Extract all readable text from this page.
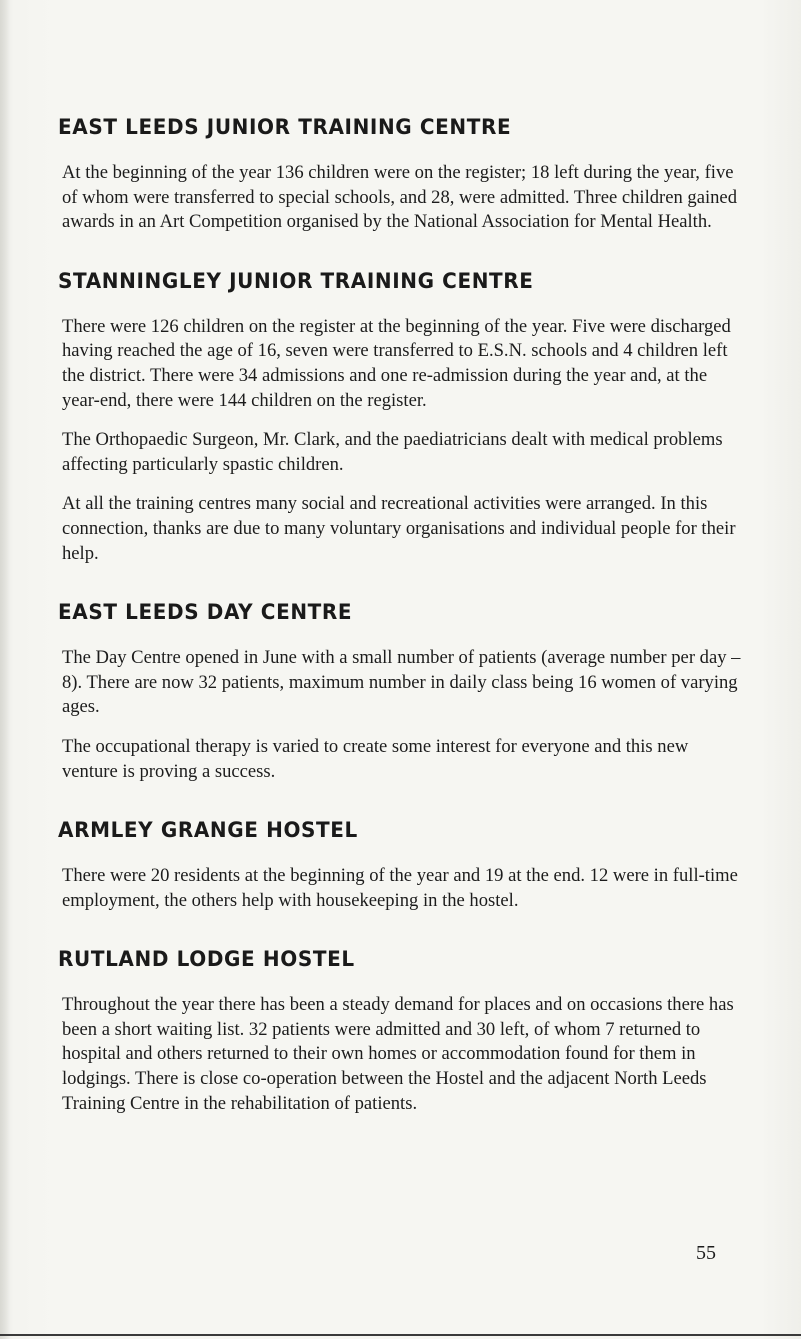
EAST LEEDS JUNIOR TRAINING CENTRE

At the beginning of the year 136 children were on the register; 18 left during the year, five of whom were transferred to special schools, and 28, were admitted. Three children gained awards in an Art Competition organised by the National Association for Mental Health.

STANNINGLEY JUNIOR TRAINING CENTRE

There were 126 children on the register at the beginning of the year. Five were discharged having reached the age of 16, seven were transferred to E.S.N. schools and 4 children left the district. There were 34 admissions and one re-admission during the year and, at the year-end, there were 144 children on the register.

The Orthopaedic Surgeon, Mr. Clark, and the paediatricians dealt with medical problems affecting particularly spastic children.

At all the training centres many social and recreational activities were arranged. In this connection, thanks are due to many voluntary organisations and individual people for their help.

EAST LEEDS DAY CENTRE

The Day Centre opened in June with a small number of patients (average number per day – 8). There are now 32 patients, maximum number in daily class being 16 women of varying ages.

The occupational therapy is varied to create some interest for everyone and this new venture is proving a success.

ARMLEY GRANGE HOSTEL

There were 20 residents at the beginning of the year and 19 at the end. 12 were in full-time employment, the others help with housekeeping in the hostel.

RUTLAND LODGE HOSTEL

Throughout the year there has been a steady demand for places and on occasions there has been a short waiting list. 32 patients were admitted and 30 left, of whom 7 returned to hospital and others returned to their own homes or accommodation found for them in lodgings. There is close co-operation between the Hostel and the adjacent North Leeds Training Centre in the rehabilitation of patients.

55
